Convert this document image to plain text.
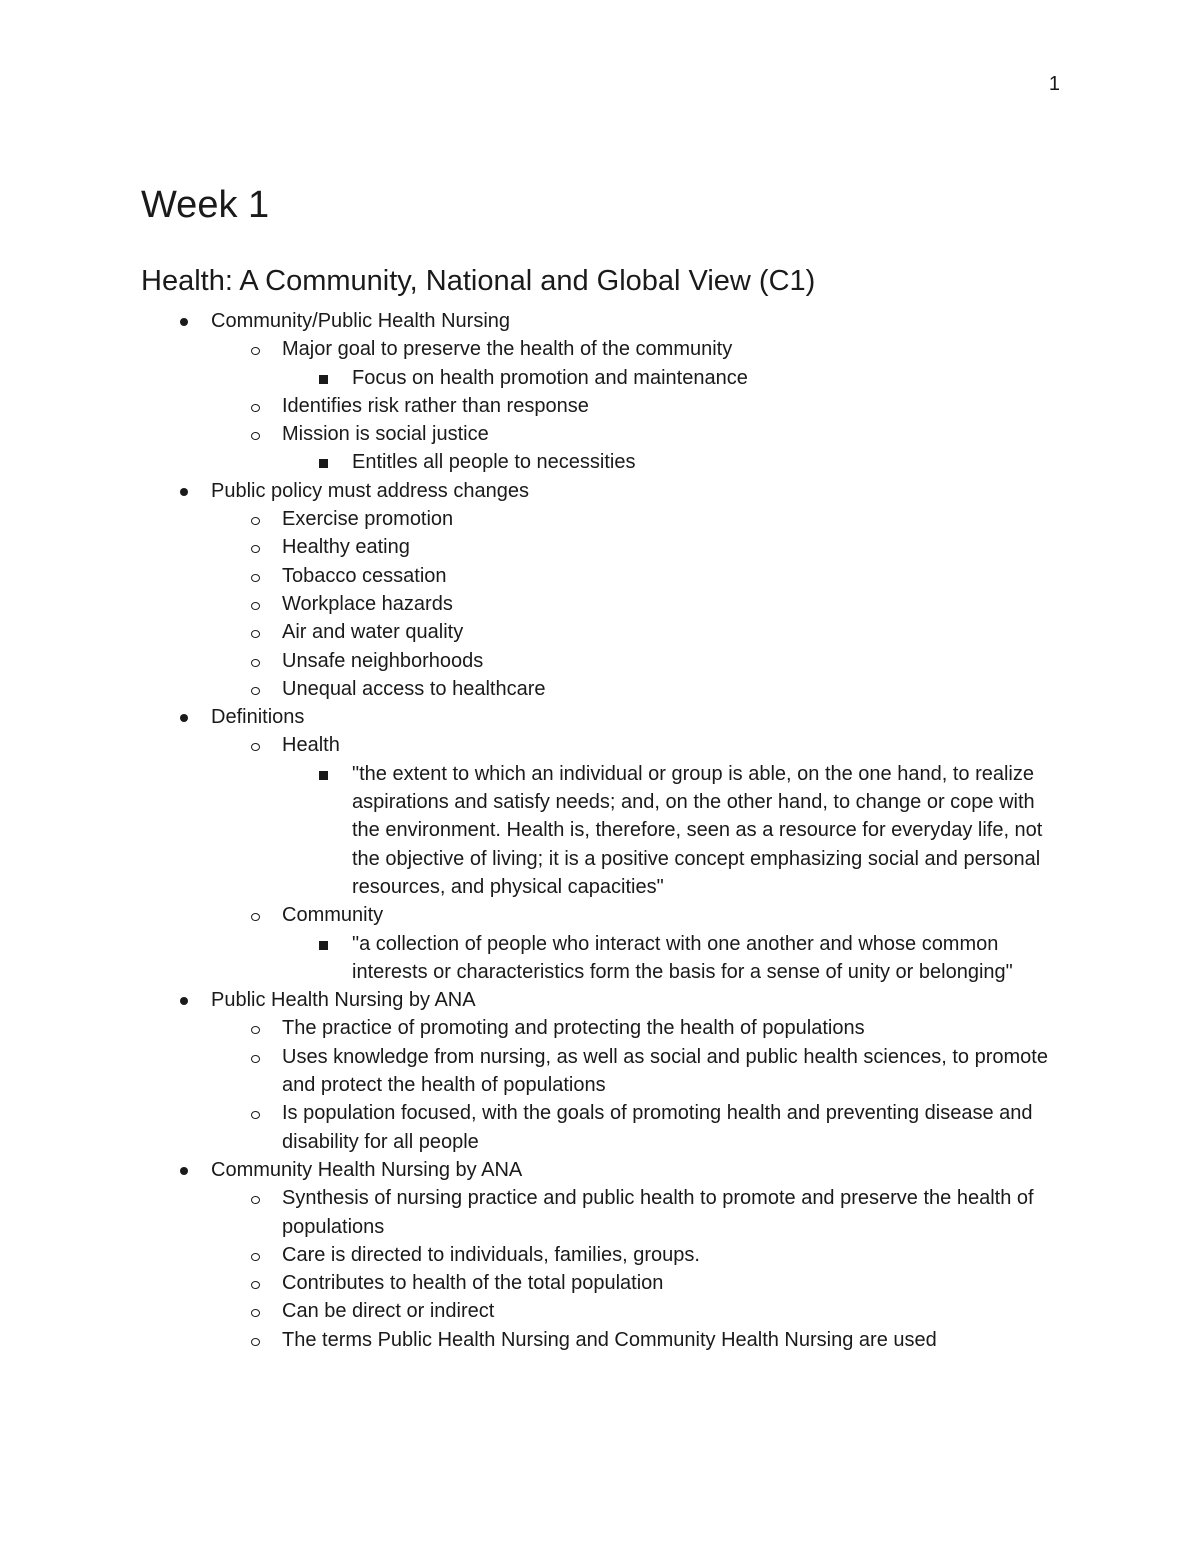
1
Week 1
Health: A Community, National and Global View (C1)
Community/Public Health Nursing
Major goal to preserve the health of the community
Focus on health promotion and maintenance
Identifies risk rather than response
Mission is social justice
Entitles all people to necessities
Public policy must address changes
Exercise promotion
Healthy eating
Tobacco cessation
Workplace hazards
Air and water quality
Unsafe neighborhoods
Unequal access to healthcare
Definitions
Health
"the extent to which an individual or group is able, on the one hand, to realize aspirations and satisfy needs; and, on the other hand, to change or cope with the environment. Health is, therefore, seen as a resource for everyday life, not the objective of living; it is a positive concept emphasizing social and personal resources, and physical capacities"
Community
"a collection of people who interact with one another and whose common interests or characteristics form the basis for a sense of unity or belonging"
Public Health Nursing by ANA
The practice of promoting and protecting the health of populations
Uses knowledge from nursing, as well as social and public health sciences, to promote and protect the health of populations
Is population focused, with the goals of promoting health and preventing disease and disability for all people
Community Health Nursing by ANA
Synthesis of nursing practice and public health to promote and preserve the health of populations
Care is directed to individuals, families, groups.
Contributes to health of the total population
Can be direct or indirect
The terms Public Health Nursing and Community Health Nursing are used
